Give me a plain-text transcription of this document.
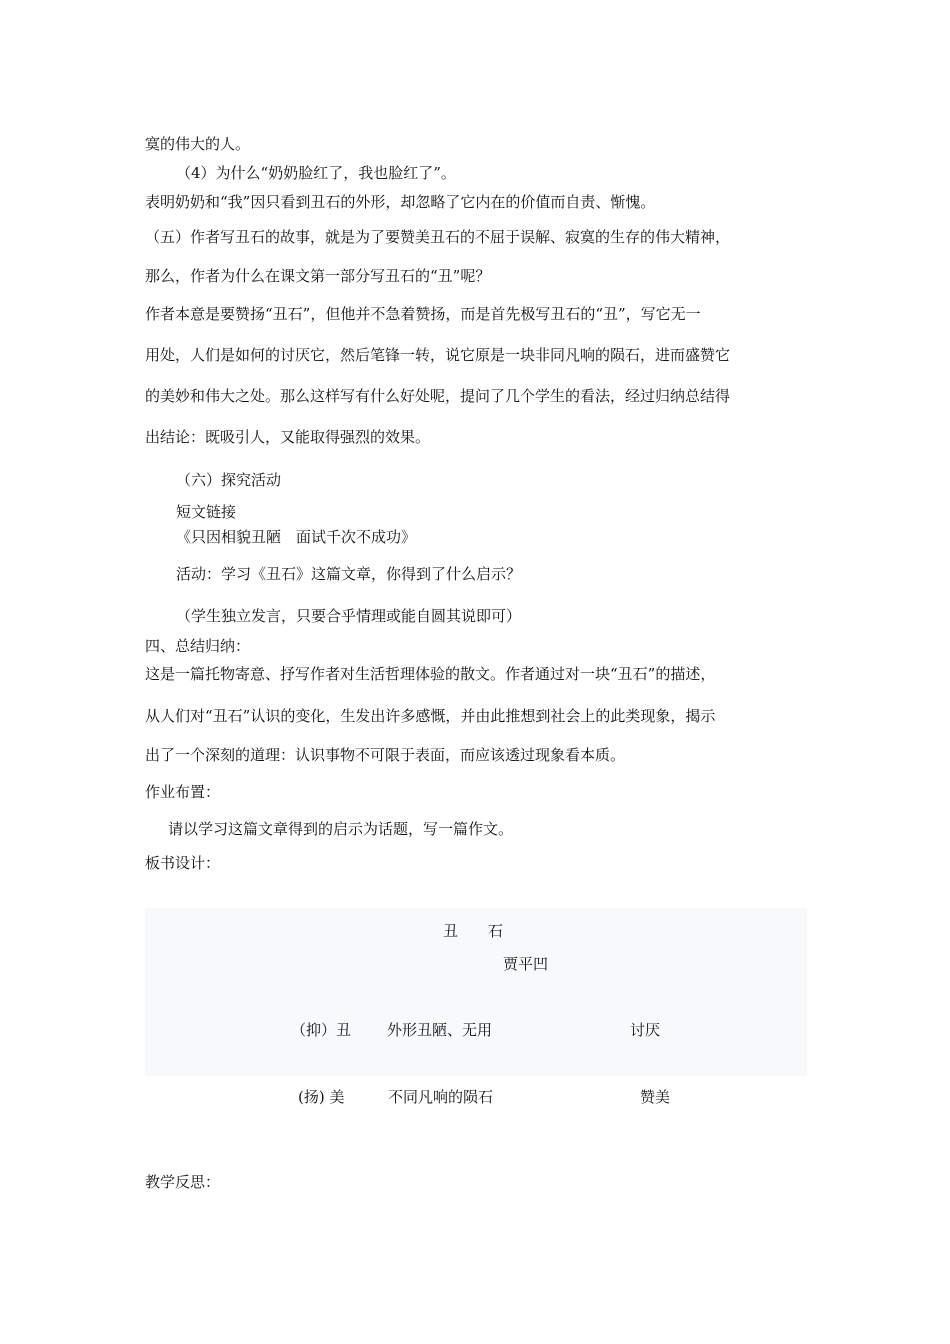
寞的伟大的人。
（4）为什么“奶奶脸红了，我也脸红了”。
表明奶奶和“我”因只看到丑石的外形，却忽略了它内在的价值而自责、惭愧。
（五）作者写丑石的故事，就是为了要赞美丑石的不屈于误解、寂寞的生存的伟大精神，
那么，作者为什么在课文第一部分写丑石的“丑”呢？
作者本意是要赞扬“丑石”，但他并不急着赞扬，而是首先极写丑石的“丑”，写它无一
用处，人们是如何的讨厌它，然后笔锋一转，说它原是一块非同凡响的陨石，进而盛赞它
的美妙和伟大之处。那么这样写有什么好处呢，提问了几个学生的看法，经过归纳总结得
出结论：既吸引人，又能取得强烈的效果。
（六）探究活动
短文链接
《只因相貌丑陋　面试千次不成功》
活动：学习《丑石》这篇文章，你得到了什么启示？
（学生独立发言，只要合乎情理或能自圆其说即可）
四、总结归纳：
这是一篇托物寄意、抒写作者对生活哲理体验的散文。作者通过对一块“丑石”的描述，
从人们对“丑石”认识的变化，生发出许多感慨，并由此推想到社会上的此类现象，揭示
出了一个深刻的道理：认识事物不可限于表面，而应该透过现象看本质。
作业布置：
请以学习这篇文章得到的启示为话题，写一篇作文。
板书设计：
丑　　石
贾平凹
（抑）丑 外形丑陋、无用	讨厌
(扬) 美	不同凡响的陨石	赞美
教学反思：
